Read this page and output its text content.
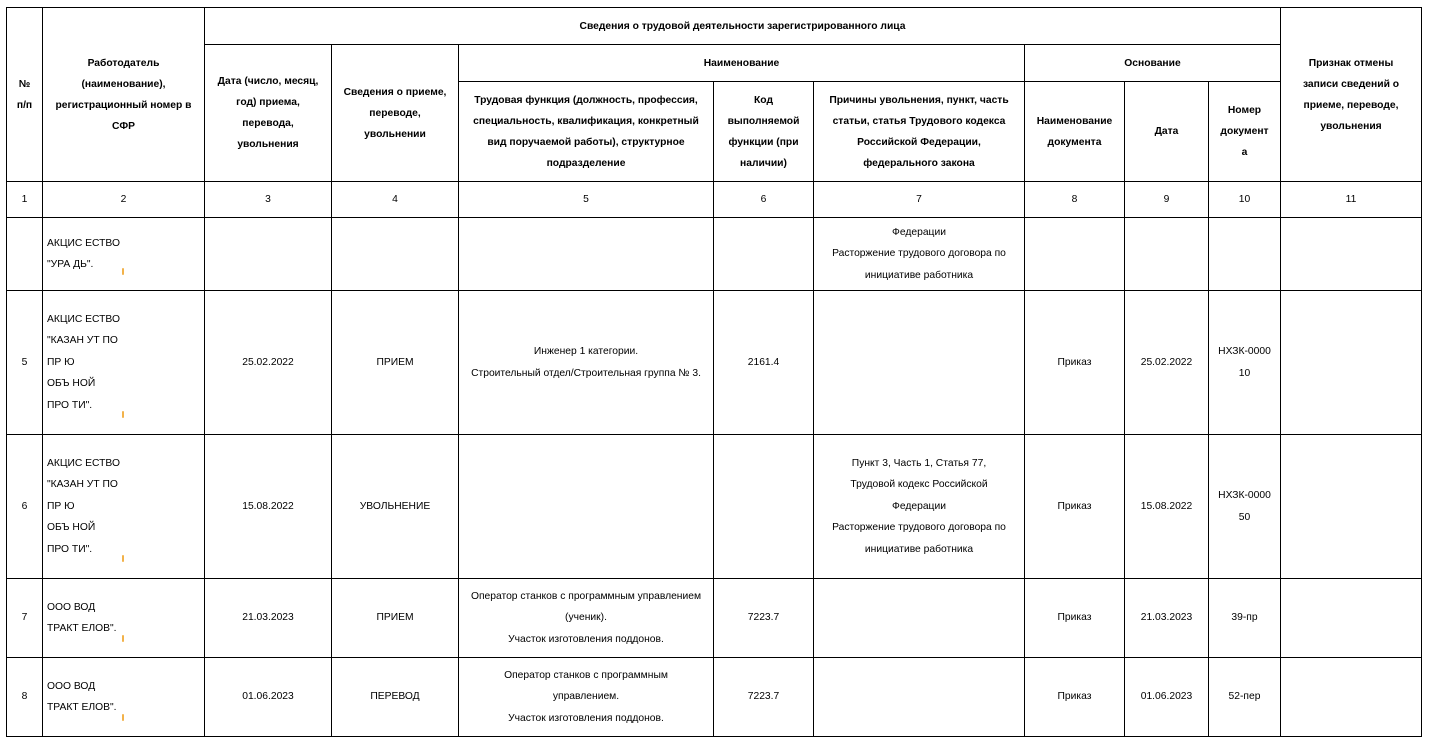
№
п/п	Работодатель
(наименование),
регистрационный номер в
СФР	Сведения о трудовой деятельности зарегистрированного лица								Признак отмены
записи сведений о
приеме, переводе,
увольнения

		Дата (число, месяц,
год) приема,
перевода,
увольнения	Сведения о приеме,
переводе,
увольнении	Наименование			Основание			

				Трудовая функция (должность, профессия,
специальность, квалификация, конкретный
вид поручаемой работы), структурное
подразделение	Код
выполняемой
функции (при
наличии)	Причины увольнения, пункт, часть
статьи, статья Трудового кодекса
Российской Федерации,
федерального закона	Наименование
документа	Дата	Номер
документ
а	

1	2	3	4	5	6	7	8	9	10	11

	АКЦИС ЕСТВО
"УРА ДЬ".					Федерации
Расторжение трудового договора по
инициативе работника				

5	АКЦИС ЕСТВО
"КАЗАН УТ ПО
ПР Ю
ОБЪ НОЙ
ПРО ТИ".	25.02.2022	ПРИЕМ	Инженер 1 категории.
Строительный отдел/Строительная группа № 3.	2161.4		Приказ	25.02.2022	НХЗК-0000
10	

6	АКЦИС ЕСТВО
"КАЗАН УТ ПО
ПР Ю
ОБЪ НОЙ
ПРО ТИ".	15.08.2022	УВОЛЬНЕНИЕ			Пункт 3, Часть 1, Статья 77,
Трудовой кодекс Российской
Федерации
Расторжение трудового договора по
инициативе работника	Приказ	15.08.2022	НХЗК-0000
50	

7	ООО ВОД
ТРАКТ ЕЛОВ".	21.03.2023	ПРИЕМ	Оператор станков с программным управлением
(ученик).
Участок изготовления поддонов.	7223.7		Приказ	21.03.2023	39-пр	
8	ООО ВОД
ТРАКТ ЕЛОВ".	01.06.2023	ПЕРЕВОД	Оператор станков с программным
управлением.
Участок изготовления поддонов.	7223.7		Приказ	01.06.2023	52-пер	
